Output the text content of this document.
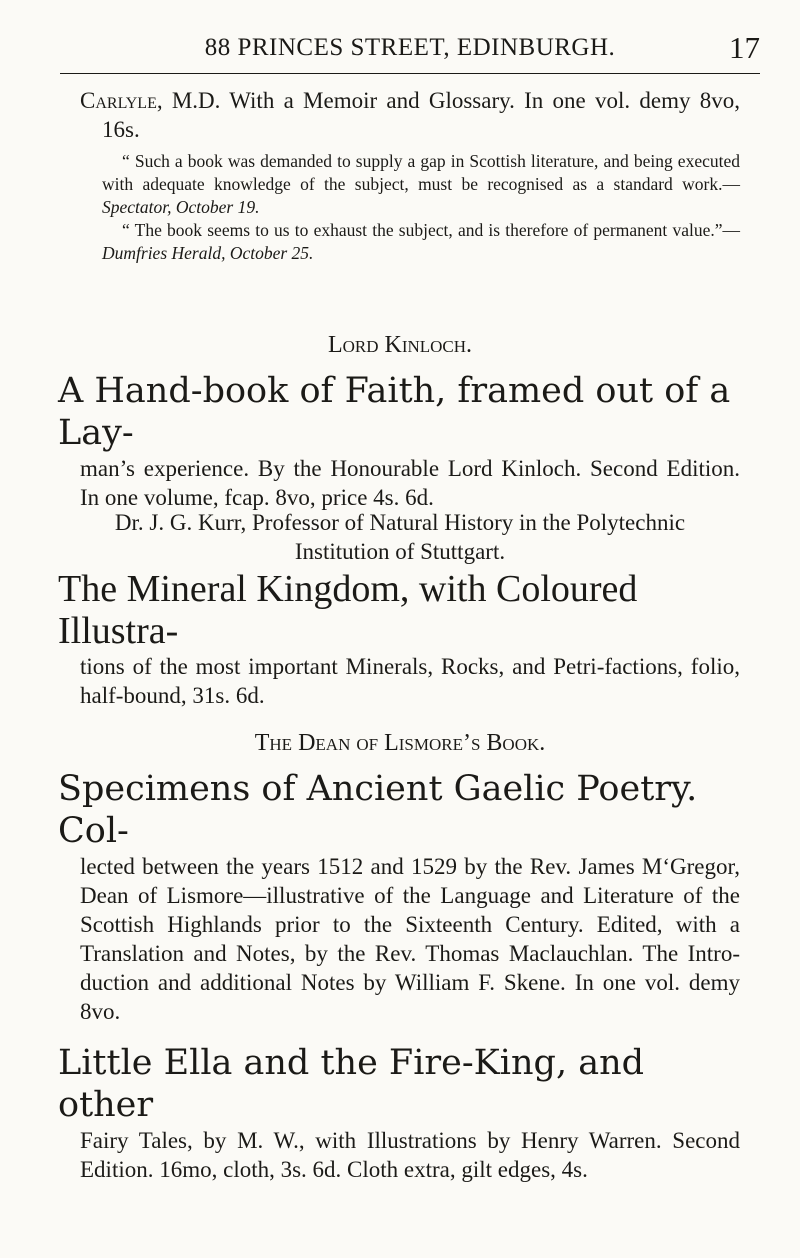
88 PRINCES STREET, EDINBURGH.	17
Carlyle, M.D. With a Memoir and Glossary. In one vol. demy 8vo, 16s.

“ Such a book was demanded to supply a gap in Scottish literature, and being executed with adequate knowledge of the subject, must be recognised as a standard work.—Spectator, October 19.

“ The book seems to us to exhaust the subject, and is therefore of permanent value.”—Dumfries Herald, October 25.

Lord Kinloch.
A Hand-book of Faith, framed out of a Lay-
man’s experience. By the Honourable Lord Kinloch. Second Edition. In one volume, fcap. 8vo, price 4s. 6d.
Dr. J. G. Kurr, Professor of Natural History in the Polytechnic Institution of Stuttgart.
The Mineral Kingdom, with Coloured Illustra-
tions of the most important Minerals, Rocks, and Petri-factions, folio, half-bound, 31s. 6d.
The Dean of Lismore’s Book.
Specimens of Ancient Gaelic Poetry. Col-
lected between the years 1512 and 1529 by the Rev. James M‘Gregor, Dean of Lismore—illustrative of the Language and Literature of the Scottish Highlands prior to the Sixteenth Century. Edited, with a Translation and Notes, by the Rev. Thomas Maclauchlan. The Intro-duction and additional Notes by William F. Skene. In one vol. demy 8vo.
Little Ella and the Fire-King, and other
Fairy Tales, by M. W., with Illustrations by Henry Warren. Second Edition. 16mo, cloth, 3s. 6d. Cloth extra, gilt edges, 4s.
